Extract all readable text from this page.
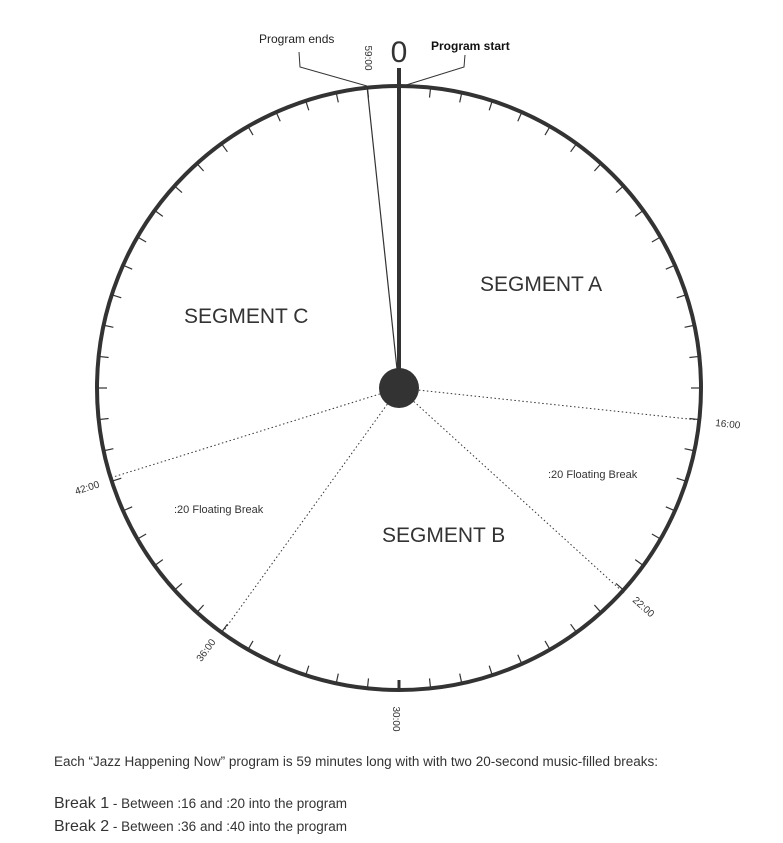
0 Program start
Program ends
59:00
16:00
22:00
30:00
36:00
42:00
SEGMENT A
SEGMENT B
SEGMENT C
:20 Floating Break
:20 Floating Break
Each “Jazz Happening Now” program is 59 minutes long with with two 20-second music-filled breaks:
Break 1 - Between :16 and :20 into the program
Break 2 - Between :36 and :40 into the program
